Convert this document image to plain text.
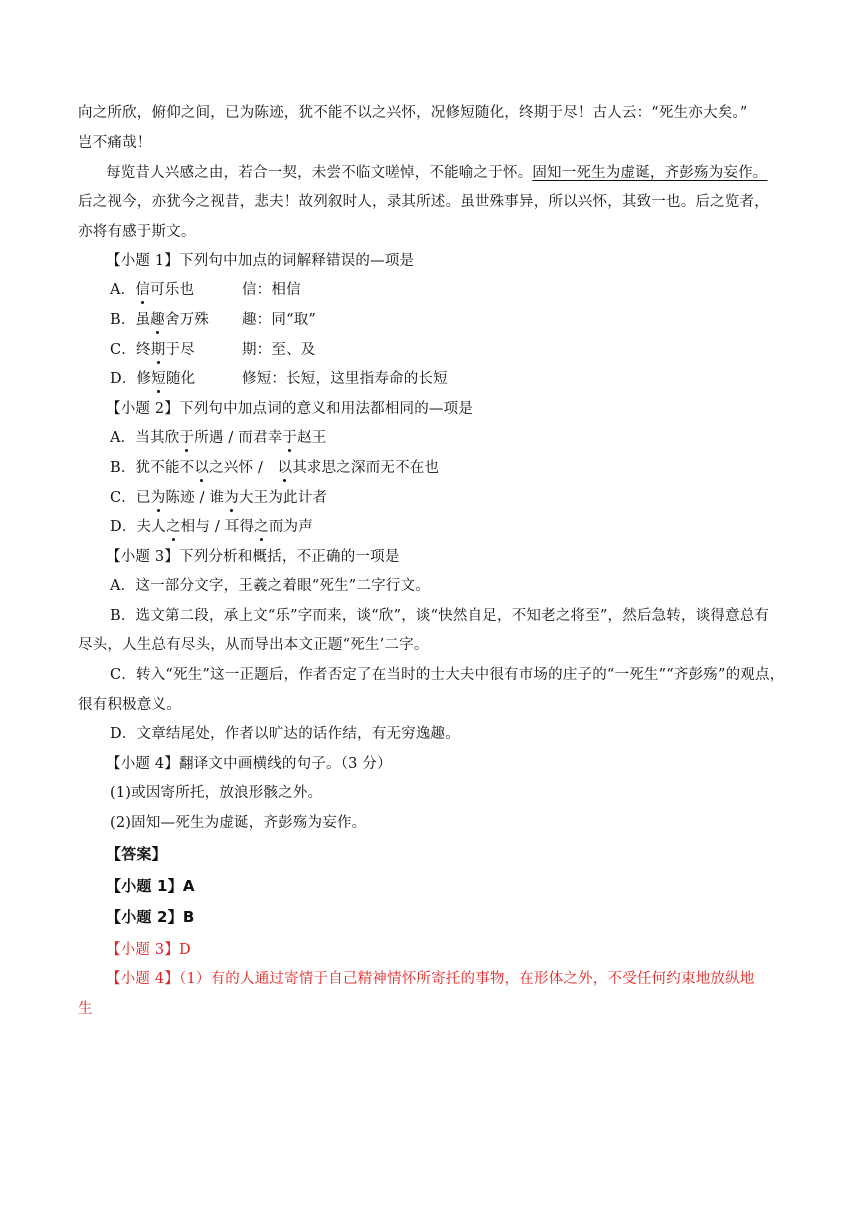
向之所欣，俯仰之间，已为陈迹，犹不能不以之兴怀，况修短随化，终期于尽！古人云：“死生亦大矣。”
岂不痛哉！
每览昔人兴感之由，若合一契，未尝不临文嗟悼，不能喻之于怀。固知一死生为虚诞，齐彭殇为妄作。
后之视今，亦犹今之视昔，悲夫！故列叙时人，录其所述。虽世殊事异，所以兴怀，其致一也。后之览者，
亦将有感于斯文。
【小题 1】下列句中加点的词解释错误的—项是
A．信可乐也	信：相信
B．虽趣舍万殊	趣：同“取”
C．终期于尽	期：至、及
D．修短随化	修短：长短，这里指寿命的长短
【小题 2】下列句中加点词的意义和用法都相同的—项是
A．当其欣于所遇 / 而君幸于赵王
B．犹不能不以之兴怀 /   以其求思之深而无不在也
C．已为陈迹 / 谁为大王为此计者
D．夫人之相与 / 耳得之而为声
【小题 3】下列分析和概括，不正确的一项是
A．这一部分文字，王羲之着眼“死生”二字行文。
B．选文第二段，承上文“乐”字而来，谈“欣”，谈“快然自足，不知老之将至”，然后急转，谈得意总有
尽头，人生总有尽头，从而导出本文正题“死生’二字。
C．转入“死生”这一正题后，作者否定了在当时的士大夫中很有市场的庄子的“一死生”“齐彭殇”的观点，
很有积极意义。
D．文章结尾处，作者以旷达的话作结，有无穷逸趣。
【小题 4】翻译文中画横线的句子。（3 分）
(1)或因寄所托，放浪形骸之外。
(2)固知—死生为虚诞，齐彭殇为妄作。
【答案】
【小题 1】A
【小题 2】B
【小题 3】D
【小题 4】（1）有的人通过寄情于自己精神情怀所寄托的事物，在形体之外，不受任何约束地放纵地
生
